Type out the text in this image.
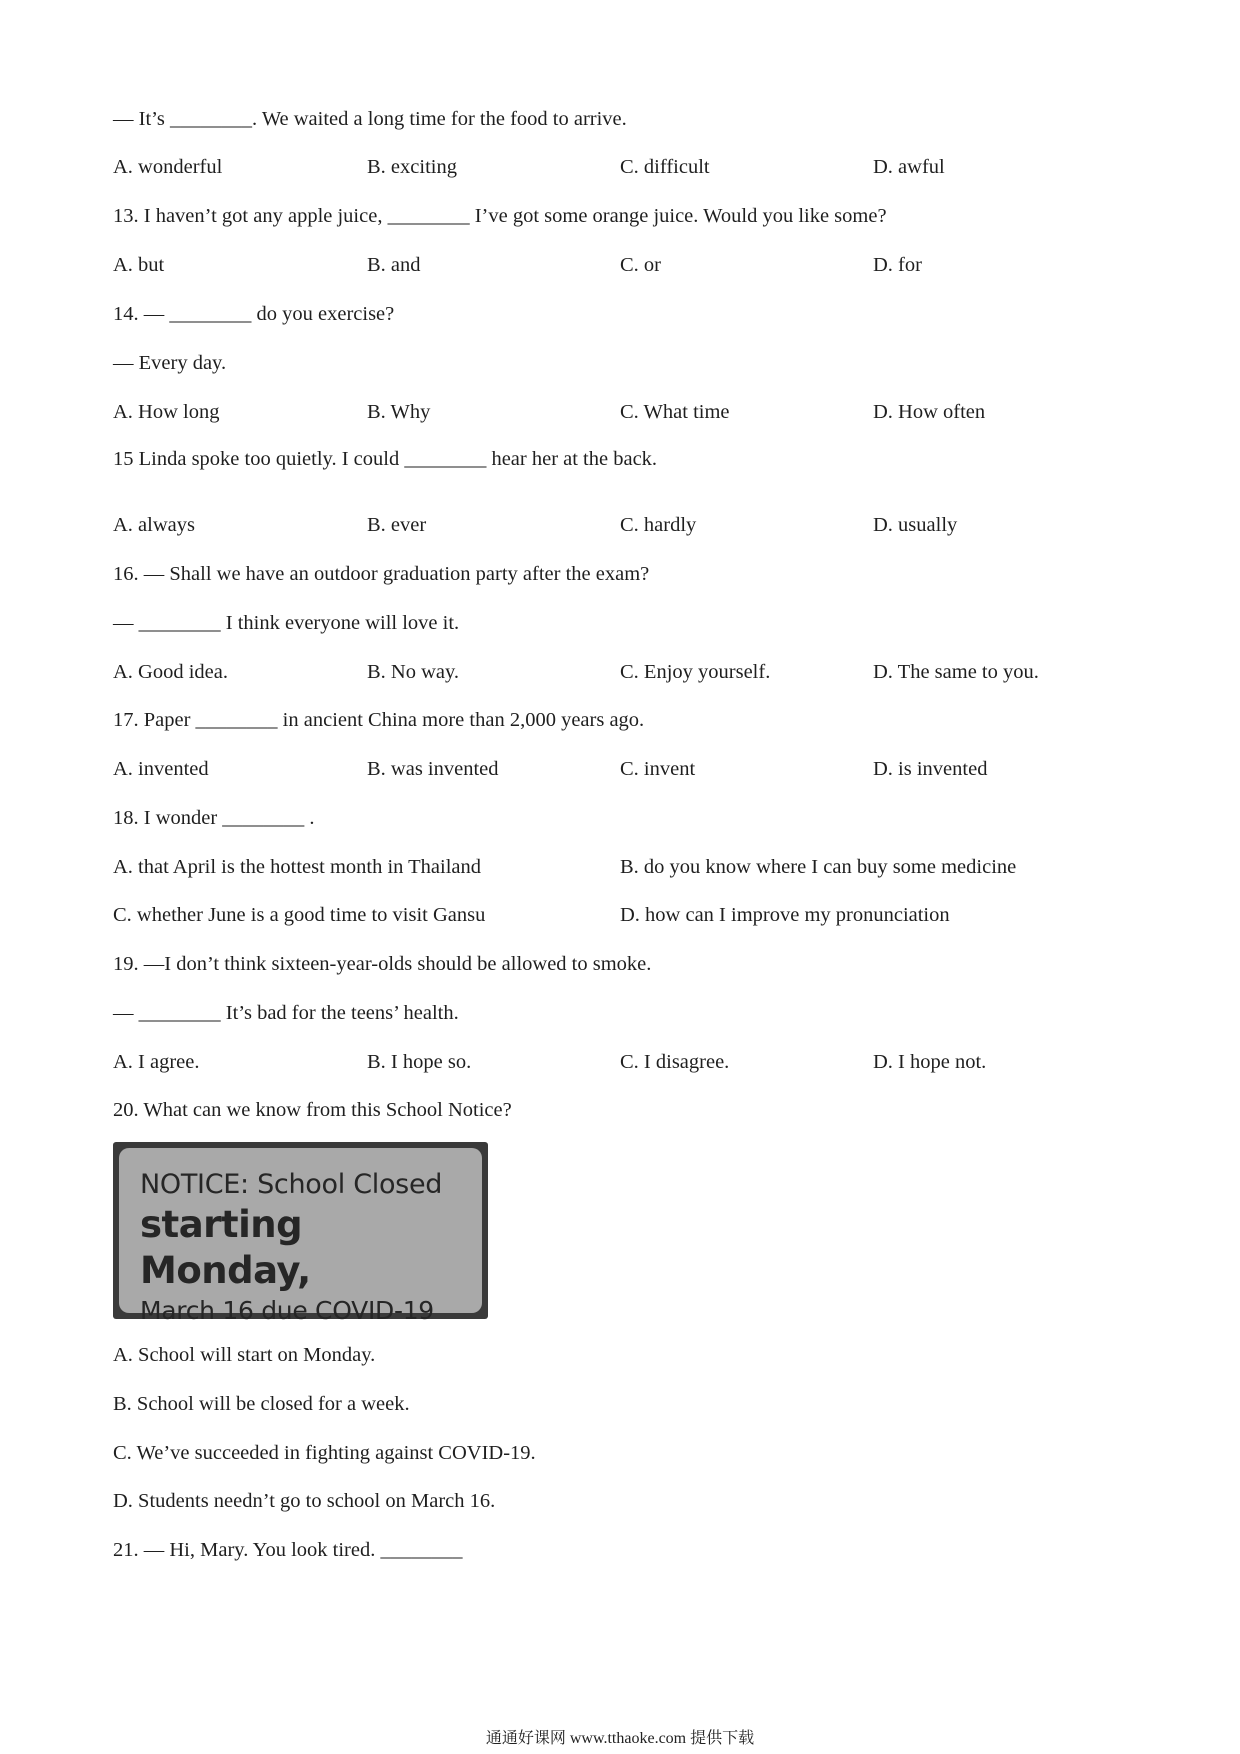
— It’s ________. We waited a long time for the food to arrive.
A. wonderful	B. exciting	C. difficult	D. awful
13. I haven’t got any apple juice, ________ I’ve got some orange juice. Would you like some?
A. but	B. and	C. or	D. for
14. — ________ do you exercise?
— Every day.
A. How long	B. Why	C. What time	D. How often
15 Linda spoke too quietly. I could ________ hear her at the back.
A. always	B. ever	C. hardly	D. usually
16. — Shall we have an outdoor graduation party after the exam?
— ________ I think everyone will love it.
A. Good idea.	B. No way.	C. Enjoy yourself.	D. The same to you.
17. Paper ________ in ancient China more than 2,000 years ago.
A. invented	B. was invented	C. invent	D. is invented
18. I wonder ________ .
A. that April is the hottest month in Thailand	B. do you know where I can buy some medicine
C. whether June is a good time to visit Gansu	D. how can I improve my pronunciation
19. —I don’t think sixteen-year-olds should be allowed to smoke.
— ________ It’s bad for the teens’ health.
A. I agree.	B. I hope so.	C. I disagree.	D. I hope not.
20. What can we know from this School Notice?
NOTICE: School Closed
starting Monday,
March 16 due COVID-19
A. School will start on Monday.
B. School will be closed for a week.
C. We’ve succeeded in fighting against COVID-19.
D. Students needn’t go to school on March 16.
21. — Hi, Mary. You look tired. ________
通通好课网 www.tthaoke.com 提供下载
